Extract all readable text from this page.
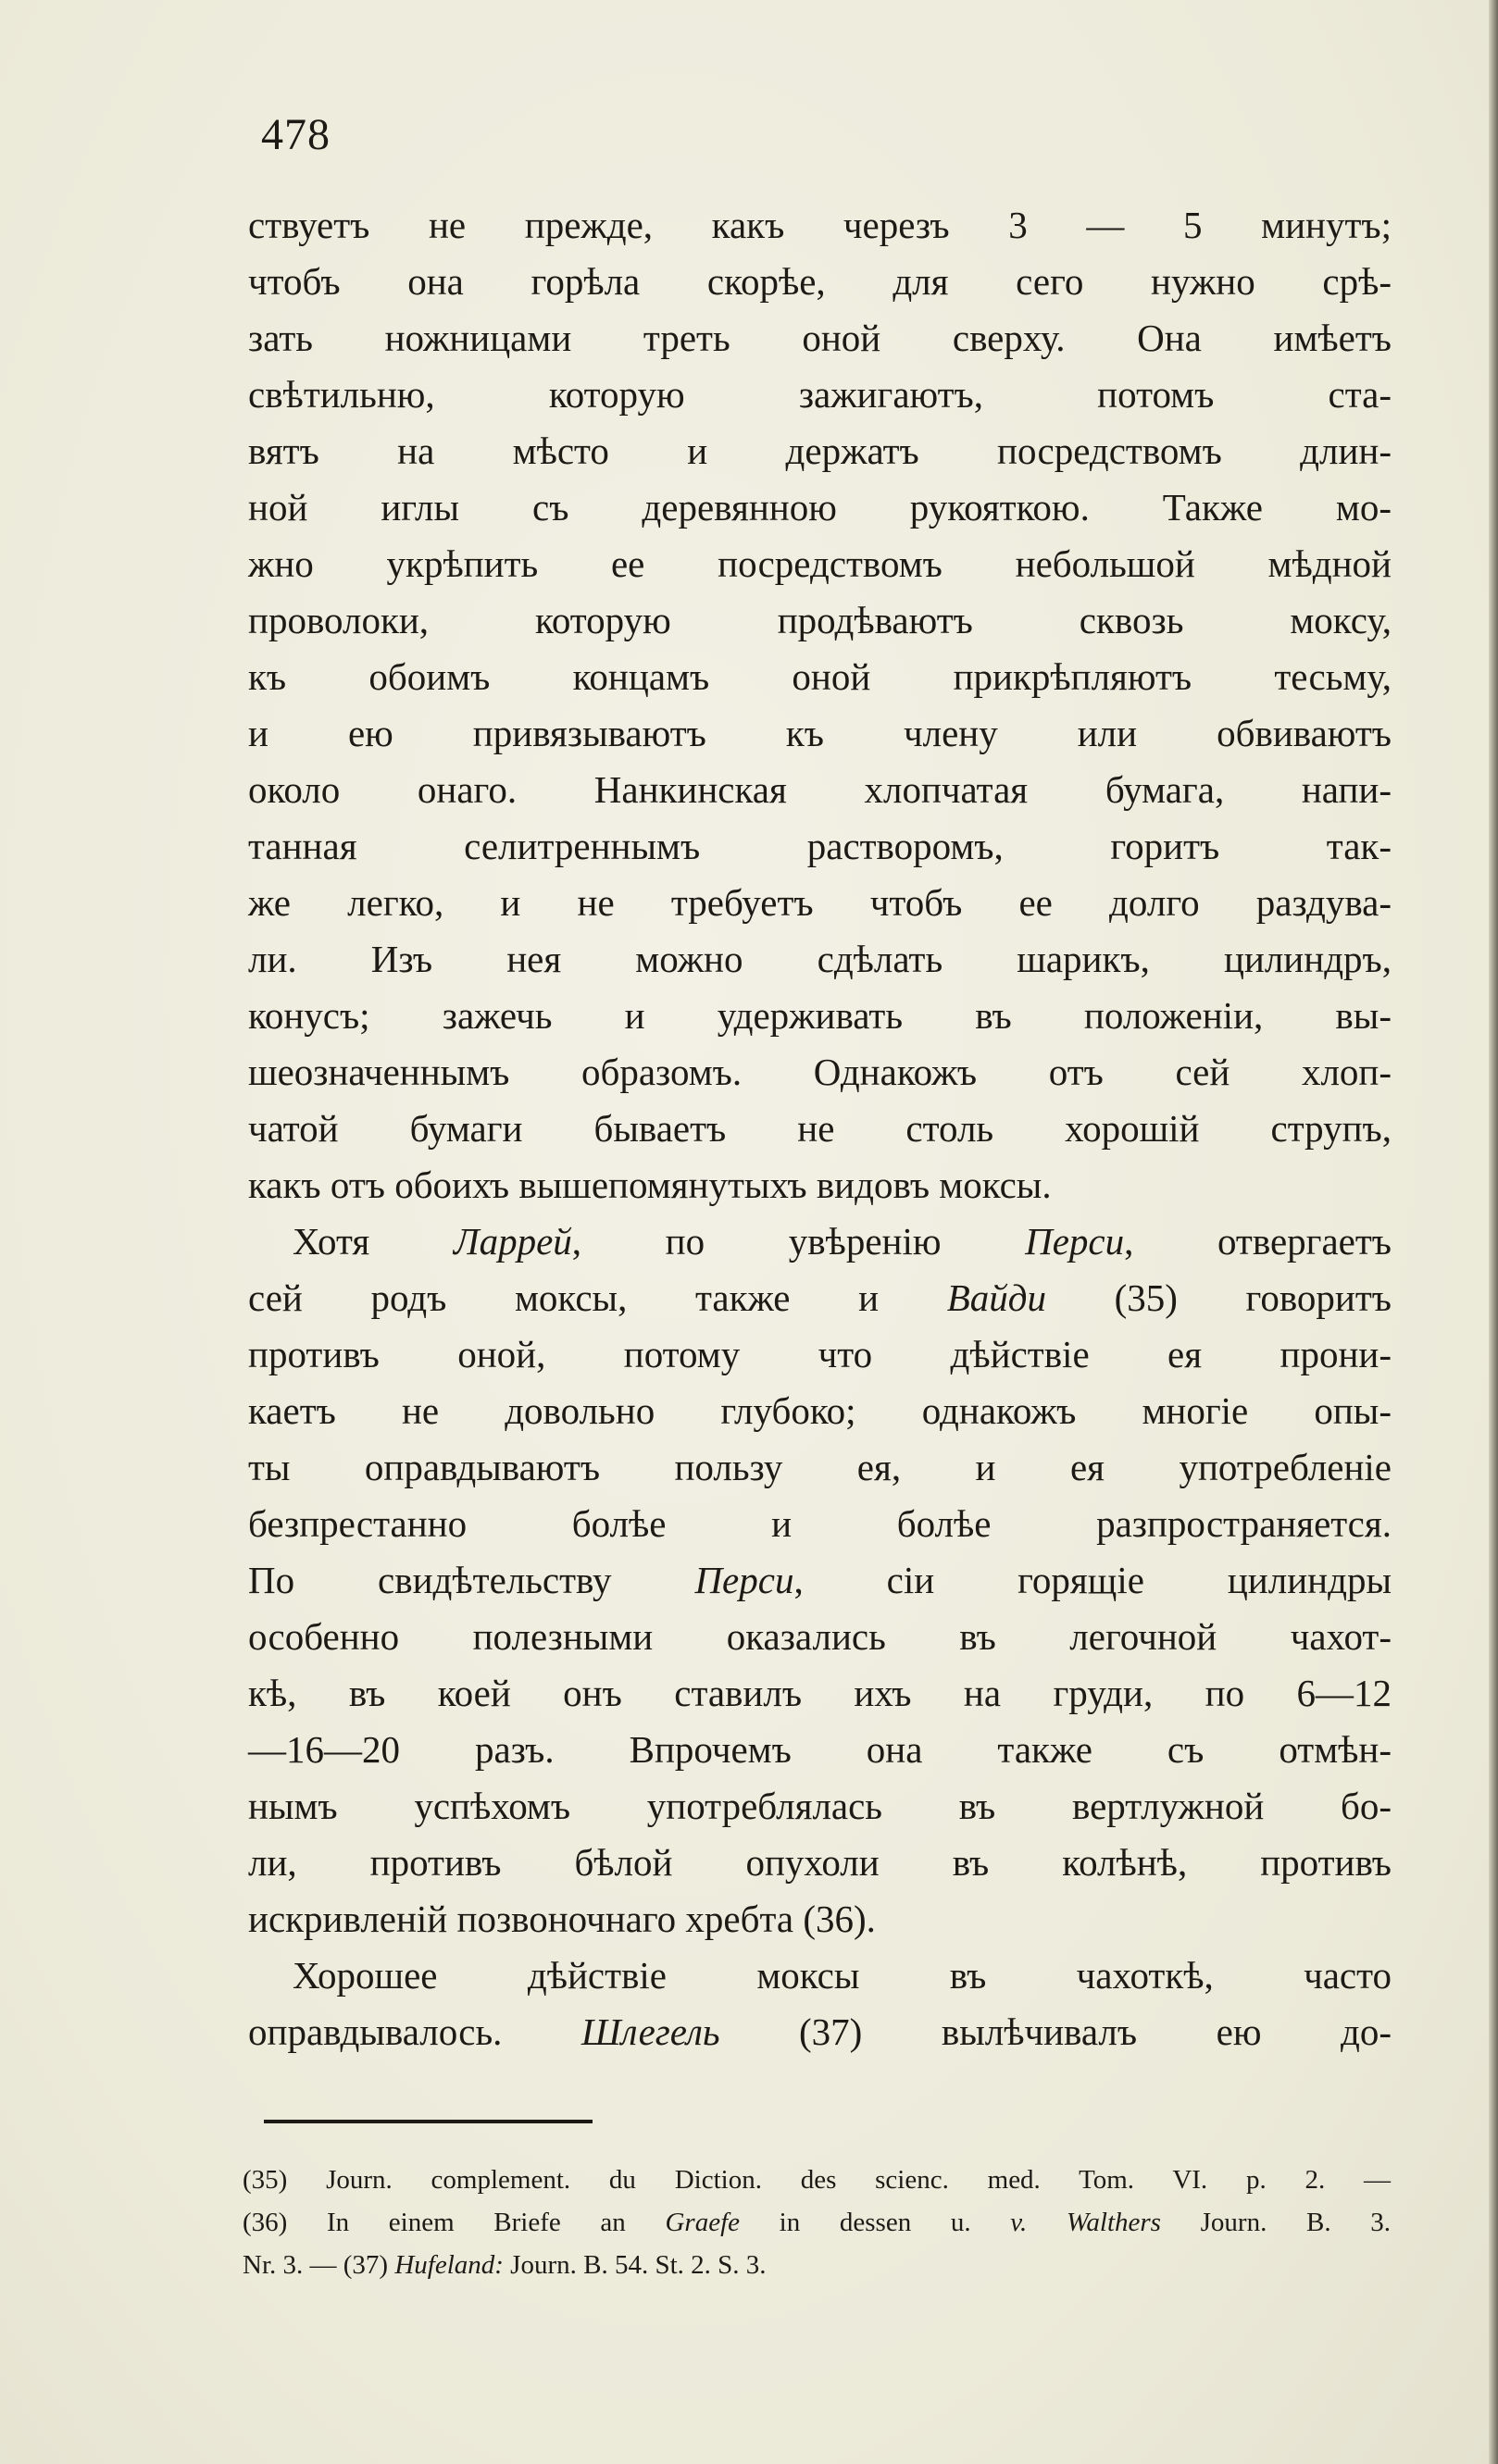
478
ствуетъ не прежде, какъ черезъ 3 — 5 минутъ;
чтобъ она горѣла скорѣе, для сего нужно срѣ-
зать ножницами треть оной сверху. Она имѣетъ
свѣтильню, которую зажигаютъ, потомъ ста-
вятъ на мѣсто и держатъ посредствомъ длин-
ной иглы съ деревянною рукояткою. Также мо-
жно укрѣпить ее посредствомъ небольшой мѣдной
проволоки, которую продѣваютъ сквозь моксу,
къ обоимъ концамъ оной прикрѣпляютъ тесьму,
и ею привязываютъ къ члену или обвиваютъ
около онаго. Нанкинская хлопчатая бумага, напи-
танная селитреннымъ растворомъ, горитъ так-
же легко, и не требуетъ чтобъ ее долго раздува-
ли. Изъ нея можно сдѣлать шарикъ, цилиндръ,
конусъ; зажечь и удерживать въ положеніи, вы-
шеозначеннымъ образомъ. Однакожъ отъ сей хлоп-
чатой бумаги бываетъ не столь хорошій струпъ,
какъ отъ обоихъ вышепомянутыхъ видовъ моксы.
Хотя Ларрей, по увѣренію Перси, отвергаетъ
сей родъ моксы, также и Вайди (35) говоритъ
противъ оной, потому что дѣйствіе ея прони-
каетъ не довольно глубоко; однакожъ многіе опы-
ты оправдываютъ пользу ея, и ея употребленіе
безпрестанно болѣе и болѣе разпространяется.
По свидѣтельству Перси, сіи горящіе цилиндры
особенно полезными оказались въ легочной чахот-
кѣ, въ коей онъ ставилъ ихъ на груди, по 6—12
—16—20 разъ. Впрочемъ она также съ отмѣн-
нымъ успѣхомъ употреблялась въ вертлужной бо-
ли, противъ бѣлой опухоли въ колѣнѣ, противъ
искривленій позвоночнаго хребта (36).
Хорошее дѣйствіе моксы въ чахоткѣ, часто
оправдывалось. Шлегель (37) вылѣчивалъ ею до-
(35) Journ. complement. du Diction. des scienc. med. Tom. VI. p. 2. —
(36) In einem Briefe an Graefe in dessen u. v. Walthers Journ. B. 3.
Nr. 3. — (37) Hufeland: Journ. B. 54. St. 2. S. 3.
